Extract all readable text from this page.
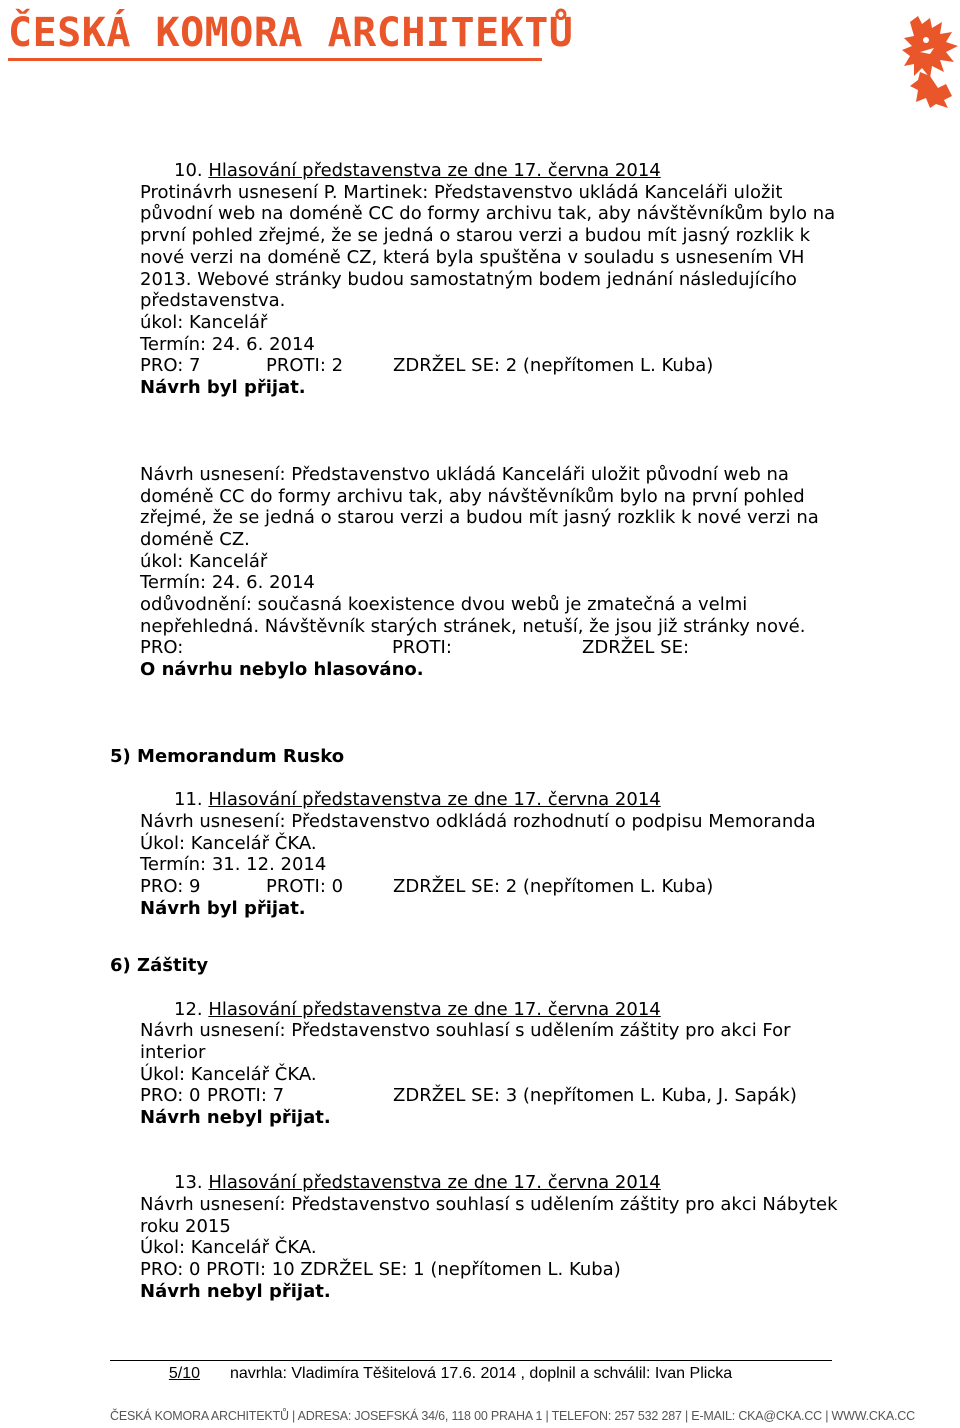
ČESKÁ KOMORA ARCHITEKTŮ
10. Hlasování představenstva ze dne 17. června 2014
Protinávrh usnesení P. Martinek: Představenstvo ukládá Kanceláři uložit
původní web na doméně CC do formy archivu tak, aby návštěvníkům bylo na
první pohled zřejmé, že se jedná o starou verzi a budou mít jasný rozklik k
nové verzi na doméně CZ, která byla spuštěna v souladu s usnesením VH
2013. Webové stránky budou samostatným bodem jednání následujícího
představenstva.
úkol: Kancelář
Termín: 24. 6. 2014
PRO: 7	PROTI: 2	ZDRŽEL SE: 2 (nepřítomen L. Kuba)
Návrh byl přijat.
Návrh usnesení: Představenstvo ukládá Kanceláři uložit původní web na
doméně CC do formy archivu tak, aby návštěvníkům bylo na první pohled
zřejmé, že se jedná o starou verzi a budou mít jasný rozklik k nové verzi na
doméně CZ.
úkol: Kancelář
Termín: 24. 6. 2014
odůvodnění: současná koexistence dvou webů je zmatečná a velmi
nepřehledná. Návštěvník starých stránek, netuší, že jsou již stránky nové.
PRO:	PROTI:	ZDRŽEL SE:
O návrhu nebylo hlasováno.
5) Memorandum Rusko
11. Hlasování představenstva ze dne 17. června 2014
Návrh usnesení: Představenstvo odkládá rozhodnutí o podpisu Memoranda
Úkol: Kancelář ČKA.
Termín: 31. 12. 2014
PRO: 9	PROTI: 0	ZDRŽEL SE: 2 (nepřítomen L. Kuba)
Návrh byl přijat.
6) Záštity
12. Hlasování představenstva ze dne 17. června 2014
Návrh usnesení: Představenstvo souhlasí s udělením záštity pro akci For
interior
Úkol: Kancelář ČKA.
PRO: 0 PROTI: 7	ZDRŽEL SE: 3 (nepřítomen L. Kuba, J. Sapák)
Návrh nebyl přijat.
13. Hlasování představenstva ze dne 17. června 2014
Návrh usnesení: Představenstvo souhlasí s udělením záštity pro akci Nábytek
roku 2015
Úkol: Kancelář ČKA.
PRO: 0 PROTI: 10 ZDRŽEL SE: 1 (nepřítomen L. Kuba)
Návrh nebyl přijat.
5/10 navrhla: Vladimíra Těšitelová 17.6. 2014 , doplnil a schválil: Ivan Plicka
ČESKÁ KOMORA ARCHITEKTŮ | ADRESA: JOSEFSKÁ 34/6, 118 00 PRAHA 1 | TELEFON: 257 532 287 | E-MAIL: CKA@CKA.CC | WWW.CKA.CC
